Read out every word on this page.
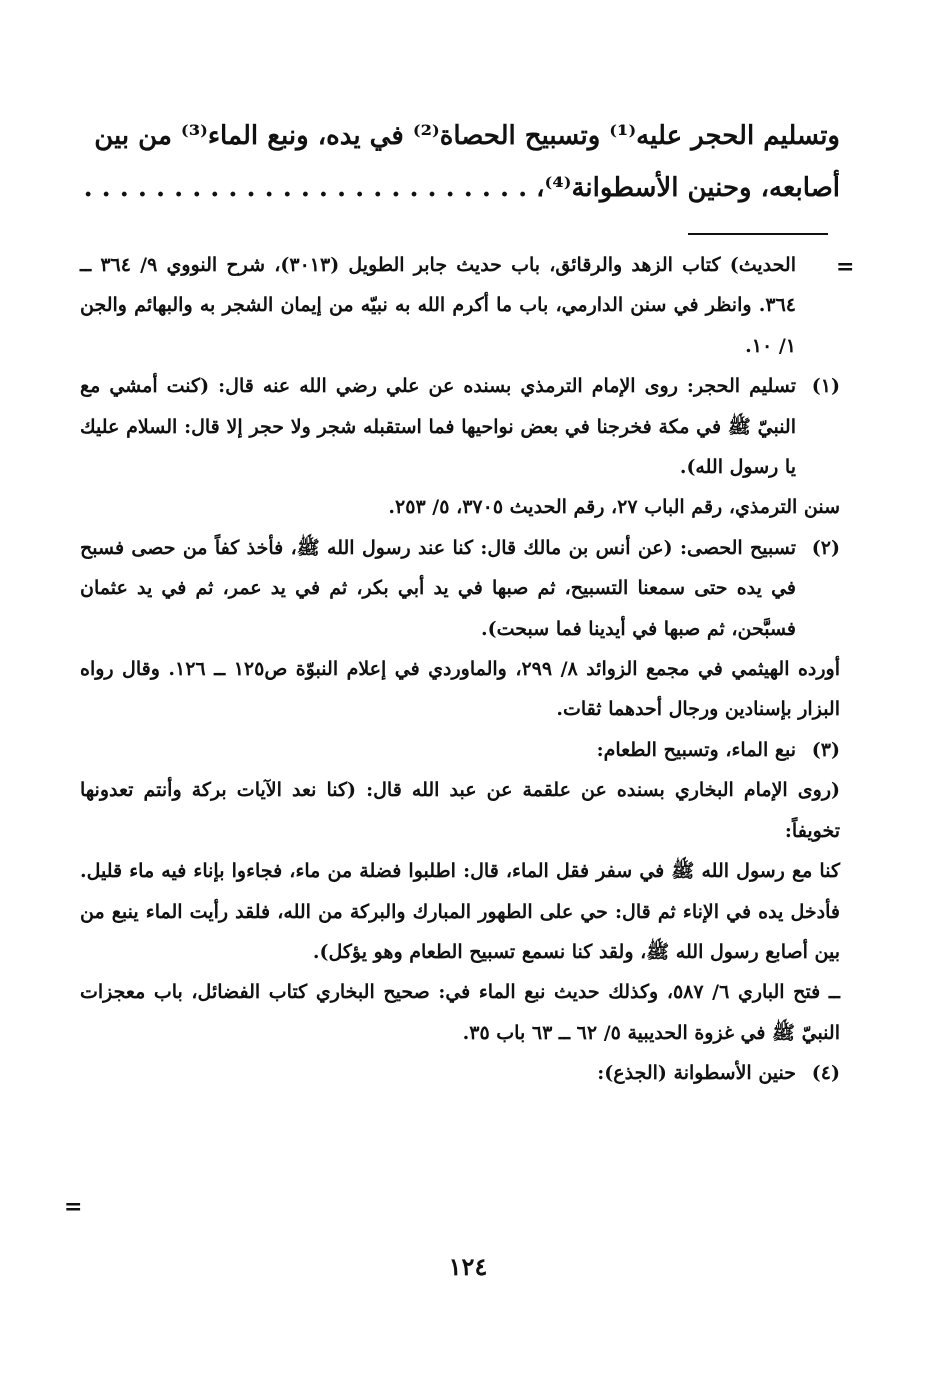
وتسليم الحجر عليه⁽¹⁾ وتسبيح الحصاة⁽²⁾ في يده، ونبع الماء⁽³⁾ من بين

أصابعه، وحنين الأسطوانة⁽⁴⁾، . . . . . . . . . . . . . . . . . . . . . . . . .

=

الحديث) كتاب الزهد والرقائق، باب حديث جابر الطويل (٣٠١٣)، شرح النووي ٩/ ٣٦٤ ــ ٣٦٤. وانظر في سنن الدارمي، باب ما أكرم الله به نبيّه من إيمان الشجر به والبهائم والجن ١/ ١٠.

(١)

تسليم الحجر: روى الإمام الترمذي بسنده عن علي رضي الله عنه قال: (كنت أمشي مع النبيّ ﷺ في مكة فخرجنا في بعض نواحيها فما استقبله شجر ولا حجر إلا قال: السلام عليك يا رسول الله).

سنن الترمذي، رقم الباب ٢٧، رقم الحديث ٣٧٠٥، ٥/ ٢٥٣.

(٢)

تسبيح الحصى: (عن أنس بن مالك قال: كنا عند رسول الله ﷺ، فأخذ كفاً من حصى فسبح في يده حتى سمعنا التسبيح، ثم صبها في يد أبي بكر، ثم في يد عمر، ثم في يد عثمان فسبَّحن، ثم صبها في أيدينا فما سبحت).

أورده الهيثمي في مجمع الزوائد ٨/ ٢٩٩، والماوردي في إعلام النبوّة ص١٢٥ ــ ١٢٦. وقال رواه البزار بإسنادين ورجال أحدهما ثقات.

(٣)

نبع الماء، وتسبيح الطعام:

(روى الإمام البخاري بسنده عن علقمة عن عبد الله قال: (كنا نعد الآيات بركة وأنتم تعدونها تخويفاً:

كنا مع رسول الله ﷺ في سفر فقل الماء، قال: اطلبوا فضلة من ماء، فجاءوا بإناء فيه ماء قليل. فأدخل يده في الإناء ثم قال: حي على الطهور المبارك والبركة من الله، فلقد رأيت الماء ينبع من بين أصابع رسول الله ﷺ، ولقد كنا نسمع تسبيح الطعام وهو يؤكل).

ــ فتح الباري ٦/ ٥٨٧، وكذلك حديث نبع الماء في: صحيح البخاري كتاب الفضائل، باب معجزات النبيّ ﷺ في غزوة الحديبية ٥/ ٦٢ ــ ٦٣ باب ٣٥.

(٤)

حنين الأسطوانة (الجذع):

=
١٢٤
